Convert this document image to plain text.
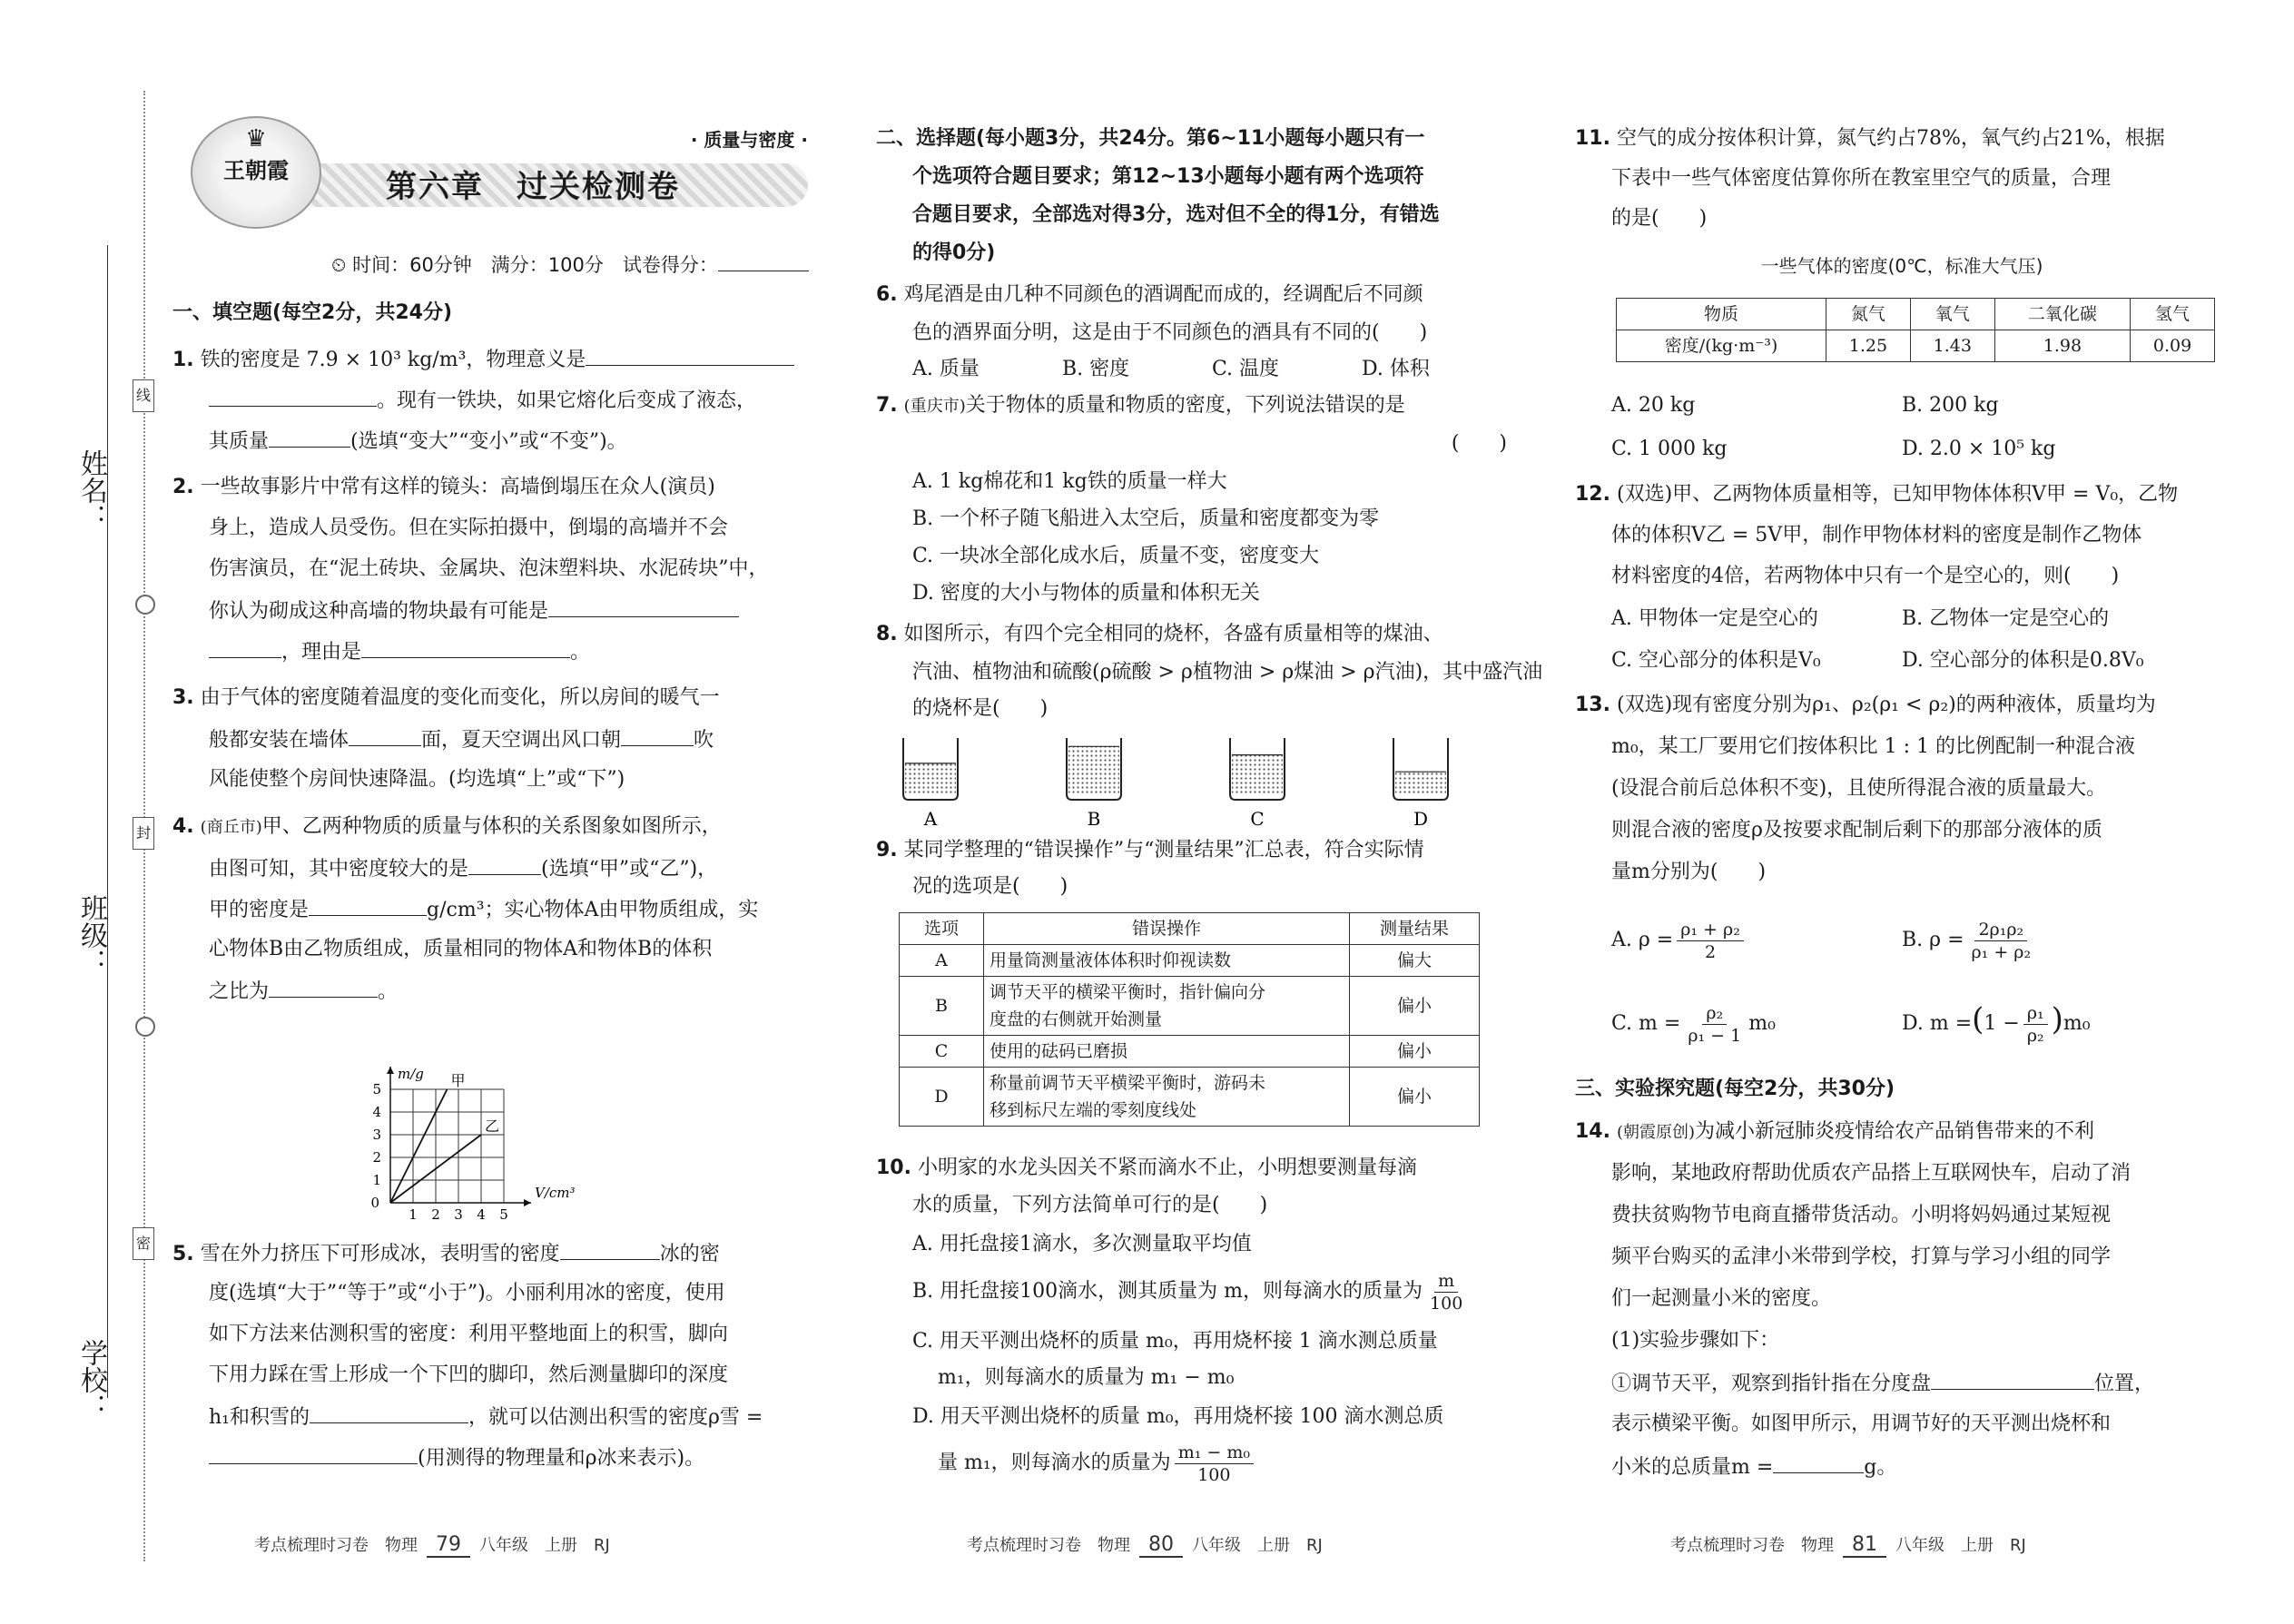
姓名：
班级：
学校：
线
封
密
♛
王朝霞
· 质量与密度 ·
第六章　过关检测卷
⏲ 时间：60分钟　满分：100分　试卷得分：
一、填空题(每空2分，共24分)
1. 铁的密度是 7.9 × 10³ kg/m³，物理意义是
。现有一铁块，如果它熔化后变成了液态，
其质量	(选填“变大”“变小”或“不变”)。
2. 一些故事影片中常有这样的镜头：高墙倒塌压在众人(演员)
身上，造成人员受伤。但在实际拍摄中，倒塌的高墙并不会
伤害演员，在“泥土砖块、金属块、泡沫塑料块、水泥砖块”中，
你认为砌成这种高墙的物块最有可能是
，理由是	。
3. 由于气体的密度随着温度的变化而变化，所以房间的暖气一
般都安装在墙体	面，夏天空调出风口朝	吹
风能使整个房间快速降温。(均选填“上”或“下”)
4. (商丘市)甲、乙两种物质的质量与体积的关系图象如图所示，
由图可知，其中密度较大的是	(选填“甲”或“乙”)，
甲的密度是	g/cm³；实心物体A由甲物质组成，实
心物体B由乙物质组成，质量相同的物体A和物体B的体积
之比为	。
1 2 3 4 5
1
2
3
4
5
0
V/cm³
m/g 甲
乙
5. 雪在外力挤压下可形成冰，表明雪的密度	冰的密
度(选填“大于”“等于”或“小于”)。小丽利用冰的密度，使用
如下方法来估测积雪的密度：利用平整地面上的积雪，脚向
下用力踩在雪上形成一个下凹的脚印，然后测量脚印的深度
h₁和积雪的	，就可以估测出积雪的密度ρ雪 =
(用测得的物理量和ρ冰来表示)。
考点梳理时习卷　物理 79 八年级　上册　RJ
二、选择题(每小题3分，共24分。第6~11小题每小题只有一
个选项符合题目要求；第12~13小题每小题有两个选项符
合题目要求，全部选对得3分，选对但不全的得1分，有错选
的得0分)
6. 鸡尾酒是由几种不同颜色的酒调配而成的，经调配后不同颜
色的酒界面分明，这是由于不同颜色的酒具有不同的(　　)
A. 质量	B. 密度	C. 温度	D. 体积
7. (重庆市)关于物体的质量和物质的密度，下列说法错误的是
(　　)
A. 1 kg棉花和1 kg铁的质量一样大
B. 一个杯子随飞船进入太空后，质量和密度都变为零
C. 一块冰全部化成水后，质量不变，密度变大
D. 密度的大小与物体的质量和体积无关
8. 如图所示，有四个完全相同的烧杯，各盛有质量相等的煤油、
汽油、植物油和硫酸(ρ硫酸 > ρ植物油 > ρ煤油 > ρ汽油)，其中盛汽油
的烧杯是(　　)
A	B	C	D
9. 某同学整理的“错误操作”与“测量结果”汇总表，符合实际情
况的选项是(　　)
选项	错误操作	测量结果
A	用量筒测量液体体积时仰视读数	偏大
B	调节天平的横梁平衡时，指针偏向分
度盘的右侧就开始测量	偏小
C	使用的砝码已磨损	偏小
D	称量前调节天平横梁平衡时，游码未
移到标尺左端的零刻度线处	偏小
10. 小明家的水龙头因关不紧而滴水不止，小明想要测量每滴
水的质量，下列方法简单可行的是(　　)
A. 用托盘接1滴水，多次测量取平均值
B. 用托盘接100滴水，测其质量为 m，则每滴水的质量为 $\frac{m}{100}$
C. 用天平测出烧杯的质量 m₀，再用烧杯接 1 滴水测总质量
m₁，则每滴水的质量为 m₁ − m₀
D. 用天平测出烧杯的质量 m₀，再用烧杯接 100 滴水测总质
量 m₁，则每滴水的质量为 $\frac{\text{m₁ − m₀}}{100}$
考点梳理时习卷　物理 80 八年级　上册　RJ
11. 空气的成分按体积计算，氮气约占78%，氧气约占21%，根据
下表中一些气体密度估算你所在教室里空气的质量，合理
的是(　　)
一些气体的密度(0℃，标准大气压)
物质	氮气	氧气	二氧化碳	氢气
密度/(kg·m⁻³)	1.25	1.43	1.98	0.09
A. 20 kg	B. 200 kg
C. 1 000 kg	D. 2.0 × 10⁵ kg
12. (双选)甲、乙两物体质量相等，已知甲物体体积V甲 = V₀，乙物
体的体积V乙 = 5V甲，制作甲物体材料的密度是制作乙物体
材料密度的4倍，若两物体中只有一个是空心的，则(　　)
A. 甲物体一定是空心的	B. 乙物体一定是空心的
C. 空心部分的体积是V₀	D. 空心部分的体积是0.8V₀
13. (双选)现有密度分别为ρ₁、ρ₂(ρ₁ < ρ₂)的两种液体，质量均为
m₀，某工厂要用它们按体积比 1 : 1 的比例配制一种混合液
(设混合前后总体积不变)，且使所得混合液的质量最大。
则混合液的密度ρ及按要求配制后剩下的那部分液体的质
量m分别为(　　)
A. $\rho = \frac{\text{ρ₁ + ρ₂}}{2}$	B. $\rho = \frac{\text{2ρ₁ρ₂}}{\text{ρ₁ + ρ₂}}$
C. $m = \frac{\text{ρ₂}}{\text{ρ₁ − 1}} m_0$	D. $m =(1 - \frac{\text{ρ₁}}{\text{ρ₂}} )m_0$
三、实验探究题(每空2分，共30分)
14. (朝霞原创)为减小新冠肺炎疫情给农产品销售带来的不利
影响，某地政府帮助优质农产品搭上互联网快车，启动了消
费扶贫购物节电商直播带货活动。小明将妈妈通过某短视
频平台购买的孟津小米带到学校，打算与学习小组的同学
们一起测量小米的密度。
(1)实验步骤如下：
①调节天平，观察到指针指在分度盘	位置，
表示横梁平衡。如图甲所示，用调节好的天平测出烧杯和
小米的总质量m =	g。
考点梳理时习卷　物理 81 八年级　上册　RJ
